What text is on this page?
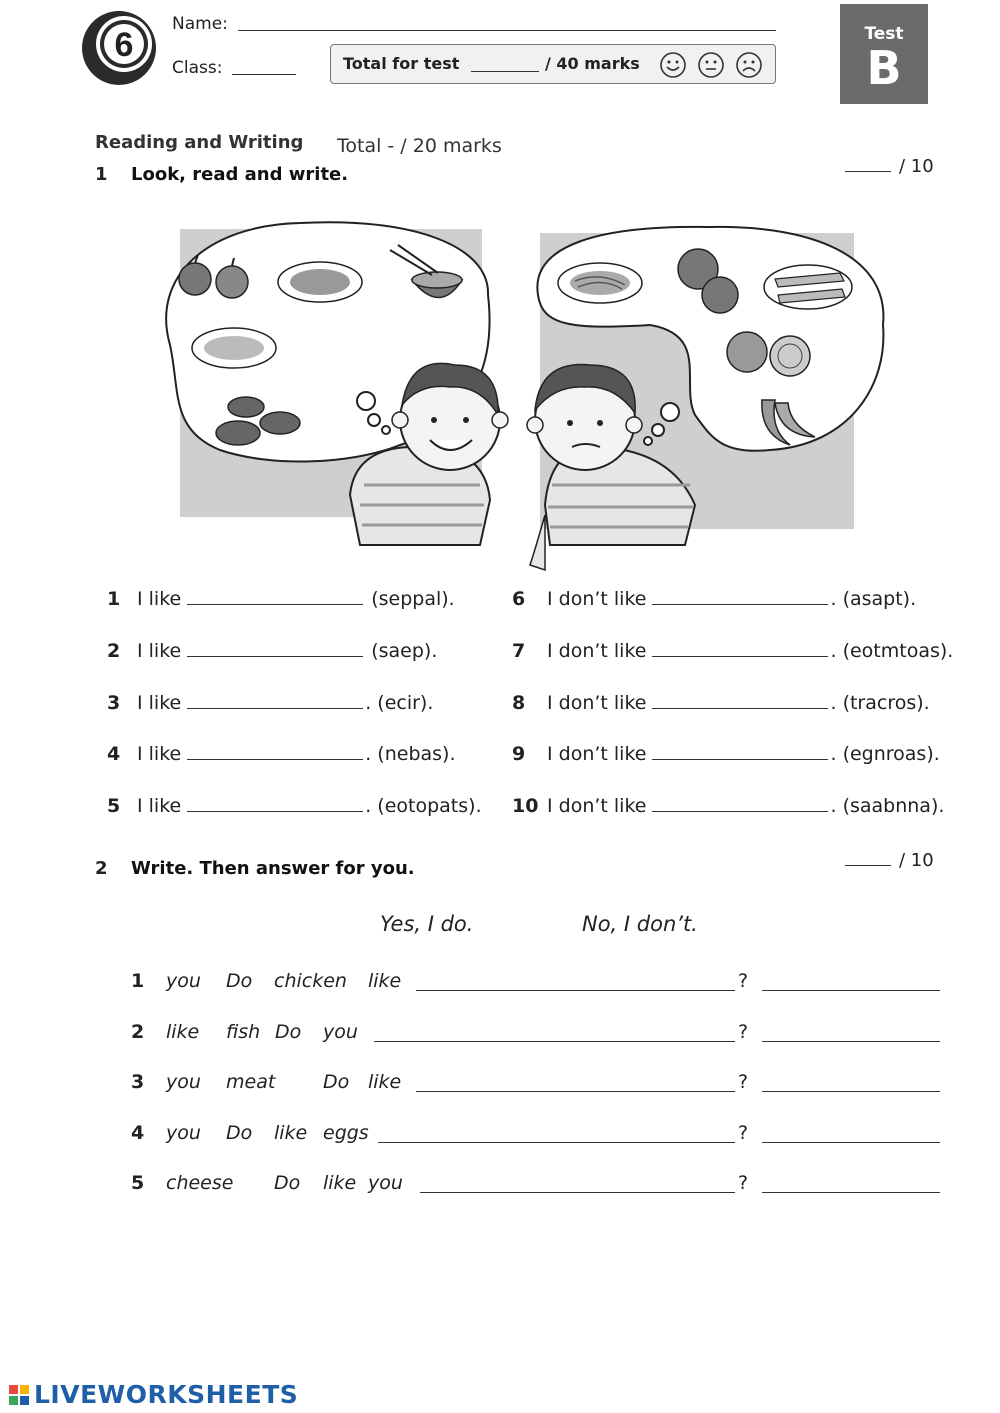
6
Name:
Class:	Total for test	/ 40 marks
Test
B
Reading and Writing Total - / 20 marks
1 Look, read and write.	/ 10
1 I like	(seppal).
2 I like	(saep).
3 I like	. (ecir).
4 I like	. (nebas).
5 I like	. (eotopats).
6 I don’t like	. (asapt).
7 I don’t like	. (eotmtoas).
8 I don’t like	. (tracros).
9 I don’t like	. (egnroas).
10 I don’t like	. (saabnna).
2 Write. Then answer for you.	/ 10
Yes, I do.	No, I don’t.
1 you Do chicken like	?
2 like fish Do you	?
3 you meat	Do like	?
4 you Do like eggs	?
5 cheese Do like you	?
LIVEWORKSHEETS
